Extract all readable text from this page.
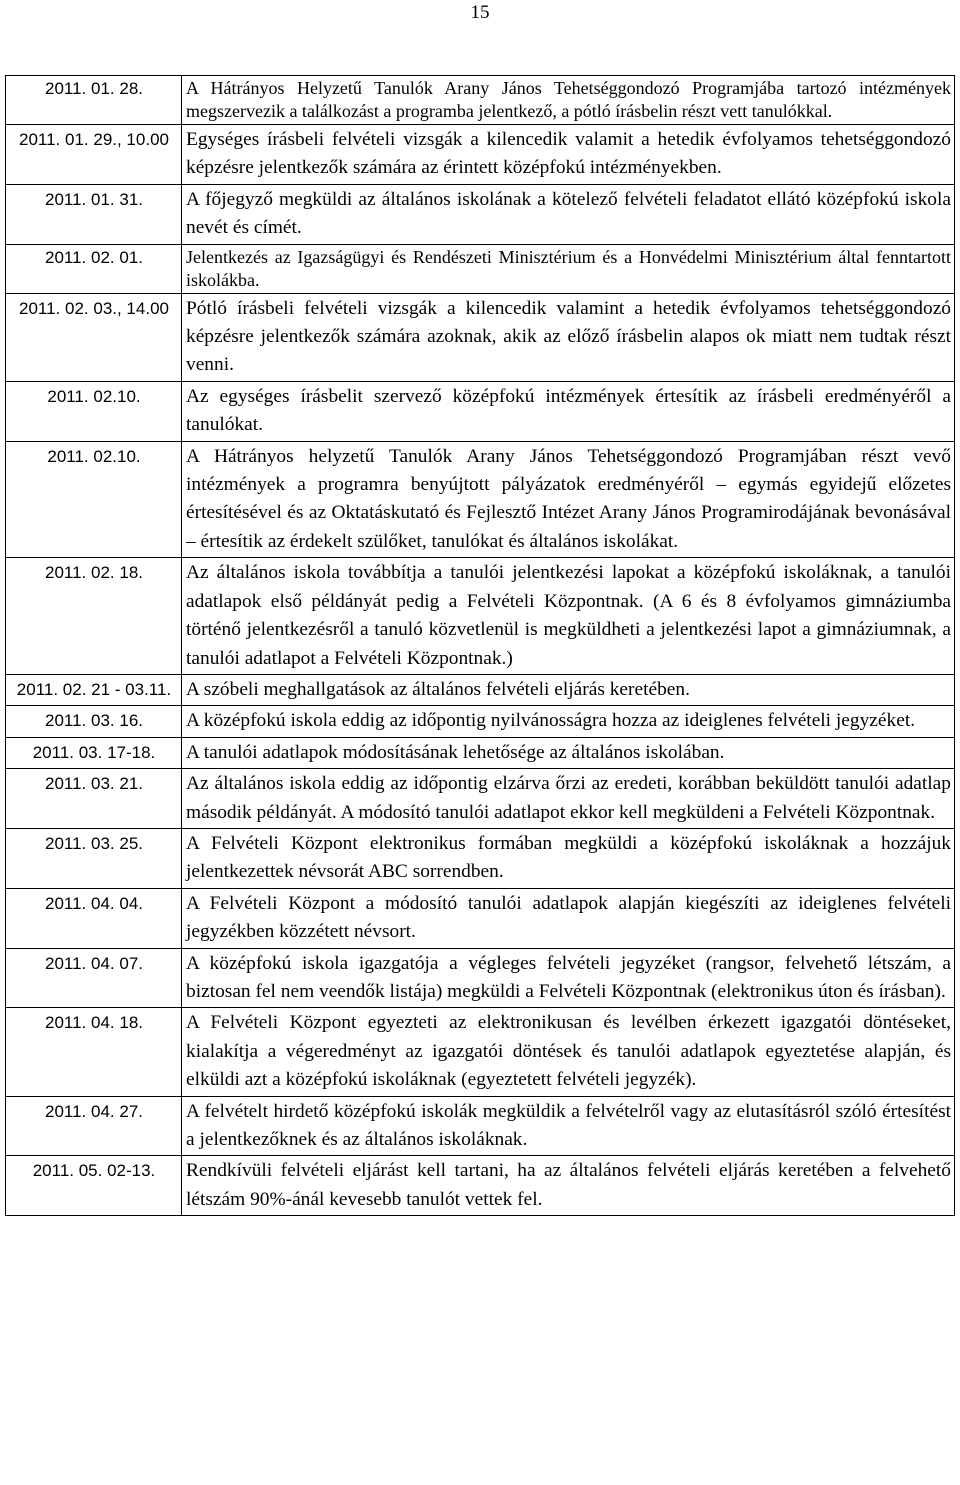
15
2011. 01. 28.	A Hátrányos Helyzetű Tanulók Arany János Tehetséggondozó Programjába tartozó intézmények megszervezik a találkozást a programba jelentkező, a pótló írásbelin részt vett tanulókkal.
2011. 01. 29., 10.00	Egységes írásbeli felvételi vizsgák a kilencedik valamit a hetedik évfolyamos tehetséggondozó képzésre jelentkezők számára az érintett középfokú intézményekben.
2011. 01. 31.	A főjegyző megküldi az általános iskolának a kötelező felvételi feladatot ellátó középfokú iskola nevét és címét.
2011. 02. 01.	Jelentkezés az Igazságügyi és Rendészeti Minisztérium és a Honvédelmi Minisztérium által fenntartott iskolákba.
2011. 02. 03., 14.00	Pótló írásbeli felvételi vizsgák a kilencedik valamint a hetedik évfolyamos tehetséggondozó képzésre jelentkezők számára azoknak, akik az előző írásbelin alapos ok miatt nem tudtak részt venni.
2011. 02.10.	Az egységes írásbelit szervező középfokú intézmények értesítik az írásbeli eredményéről a tanulókat.
2011. 02.10.	A Hátrányos helyzetű Tanulók Arany János Tehetséggondozó Programjában részt vevő intézmények a programra benyújtott pályázatok eredményéről – egymás egyidejű előzetes értesítésével és az Oktatáskutató és Fejlesztő Intézet Arany János Programirodájának bevonásával – értesítik az érdekelt szülőket, tanulókat és általános iskolákat.
2011. 02. 18.	Az általános iskola továbbítja a tanulói jelentkezési lapokat a középfokú iskoláknak, a tanulói adatlapok első példányát pedig a Felvételi Központnak. (A 6 és 8 évfolyamos gimnáziumba történő jelentkezésről a tanuló közvetlenül is megküldheti a jelentkezési lapot a gimnáziumnak, a tanulói adatlapot a Felvételi Központnak.)
2011. 02. 21 - 03.11.	A szóbeli meghallgatások az általános felvételi eljárás keretében.
2011. 03. 16.	A középfokú iskola eddig az időpontig nyilvánosságra hozza az ideiglenes felvételi jegyzéket.
2011. 03. 17-18.	A tanulói adatlapok módosításának lehetősége az általános iskolában.
2011. 03. 21.	Az általános iskola eddig az időpontig elzárva őrzi az eredeti, korábban beküldött tanulói adatlap második példányát. A módosító tanulói adatlapot ekkor kell megküldeni a Felvételi Központnak.
2011. 03. 25.	A Felvételi Központ elektronikus formában megküldi a középfokú iskoláknak a hozzájuk jelentkezettek névsorát ABC sorrendben.
2011. 04. 04.	A Felvételi Központ a módosító tanulói adatlapok alapján kiegészíti az ideiglenes felvételi jegyzékben közzétett névsort.
2011. 04. 07.	A középfokú iskola igazgatója a végleges felvételi jegyzéket (rangsor, felvehető létszám, a biztosan fel nem veendők listája) megküldi a Felvételi Központnak (elektronikus úton és írásban).
2011. 04. 18.	A Felvételi Központ egyezteti az elektronikusan és levélben érkezett igazgatói döntéseket, kialakítja a végeredményt az igazgatói döntések és tanulói adatlapok egyeztetése alapján, és elküldi azt a középfokú iskoláknak (egyeztetett felvételi jegyzék).
2011. 04. 27.	A felvételt hirdető középfokú iskolák megküldik a felvételről vagy az elutasításról szóló értesítést a jelentkezőknek és az általános iskoláknak.
2011. 05. 02-13.	Rendkívüli felvételi eljárást kell tartani, ha az általános felvételi eljárás keretében a felvehető létszám 90%-ánál kevesebb tanulót vettek fel.
